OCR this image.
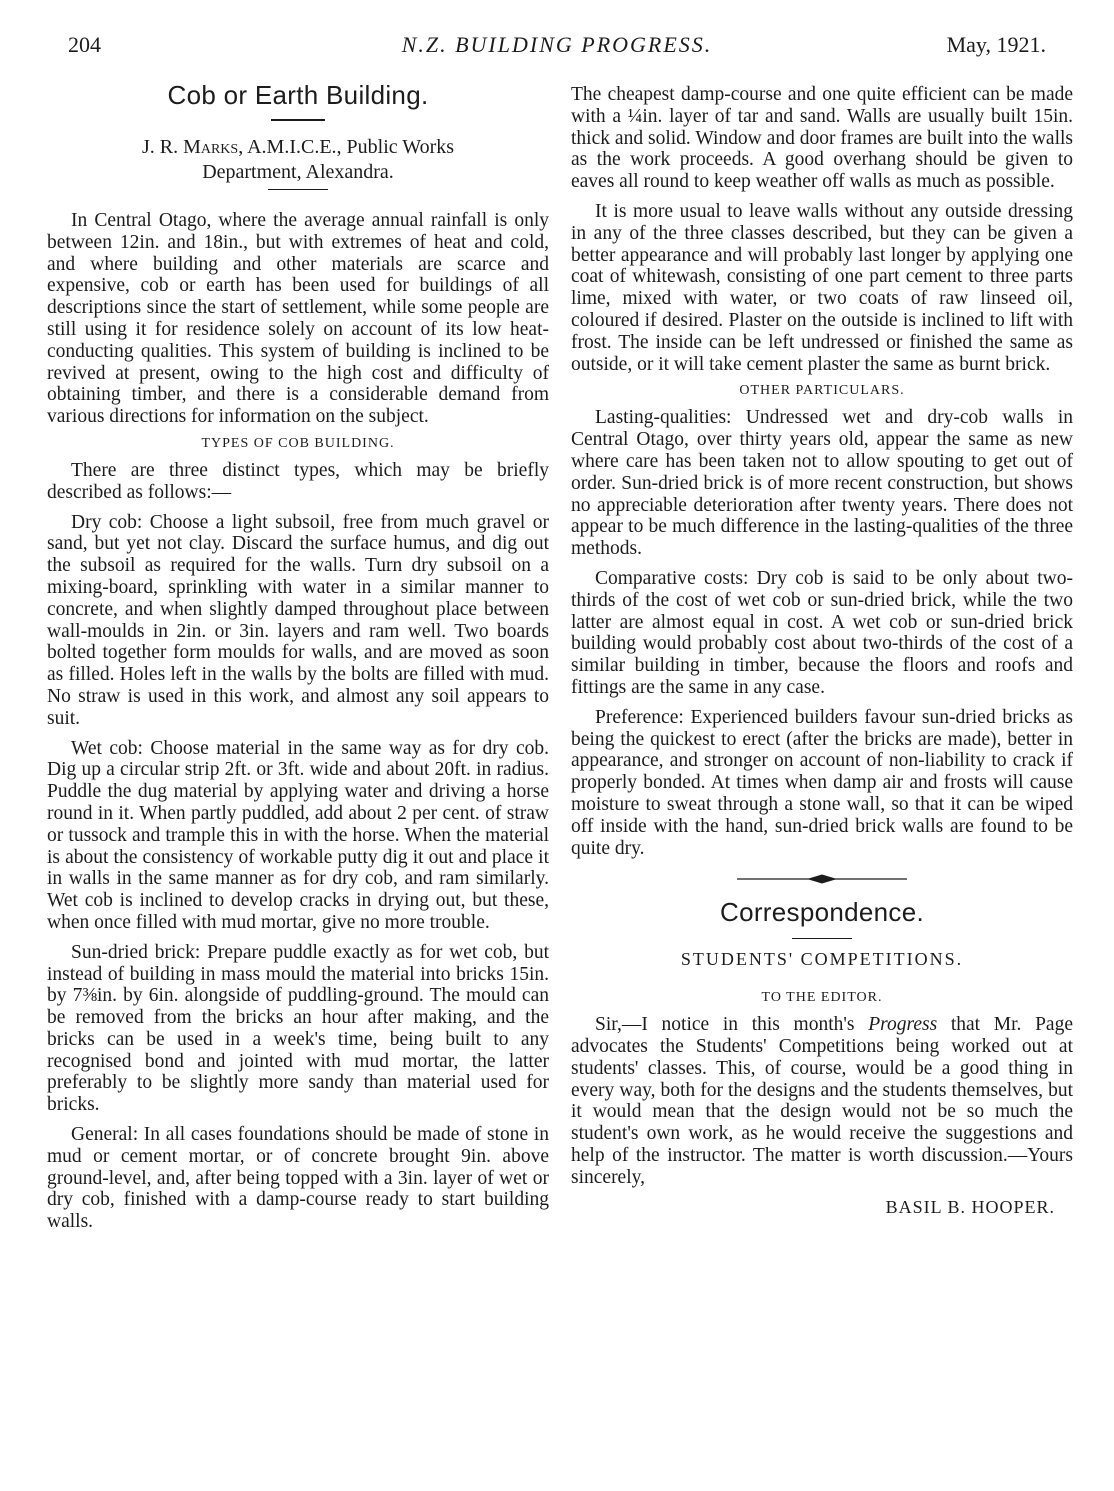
204	N.Z. BUILDING PROGRESS.	May, 1921.
Cob or Earth Building.
J. R. Marks, A.M.I.C.E., Public Works
Department, Alexandra.

In Central Otago, where the average annual rainfall is only between 12in. and 18in., but with extremes of heat and cold, and where building and other materials are scarce and expensive, cob or earth has been used for buildings of all descriptions since the start of settlement, while some people are still using it for residence solely on account of its low heat-conducting qualities. This system of building is inclined to be revived at present, owing to the high cost and difficulty of obtaining timber, and there is a considerable demand from various directions for information on the subject.

TYPES OF COB BUILDING.

There are three distinct types, which may be briefly described as follows:—

Dry cob: Choose a light subsoil, free from much gravel or sand, but yet not clay. Discard the surface humus, and dig out the subsoil as required for the walls. Turn dry subsoil on a mixing-board, sprinkling with water in a similar manner to concrete, and when slightly damped throughout place between wall-moulds in 2in. or 3in. layers and ram well. Two boards bolted together form moulds for walls, and are moved as soon as filled. Holes left in the walls by the bolts are filled with mud. No straw is used in this work, and almost any soil appears to suit.

Wet cob: Choose material in the same way as for dry cob. Dig up a circular strip 2ft. or 3ft. wide and about 20ft. in radius. Puddle the dug material by applying water and driving a horse round in it. When partly puddled, add about 2 per cent. of straw or tussock and trample this in with the horse. When the material is about the consistency of workable putty dig it out and place it in walls in the same manner as for dry cob, and ram similarly. Wet cob is inclined to develop cracks in drying out, but these, when once filled with mud mortar, give no more trouble.

Sun-dried brick: Prepare puddle exactly as for wet cob, but instead of building in mass mould the material into bricks 15in. by 7⅜in. by 6in. alongside of puddling-ground. The mould can be removed from the bricks an hour after making, and the bricks can be used in a week's time, being built to any recognised bond and jointed with mud mortar, the latter preferably to be slightly more sandy than material used for bricks.

General: In all cases foundations should be made of stone in mud or cement mortar, or of concrete brought 9in. above ground-level, and, after being topped with a 3in. layer of wet or dry cob, finished with a damp-course ready to start building walls.

The cheapest damp-course and one quite efficient can be made with a ¼in. layer of tar and sand. Walls are usually built 15in. thick and solid. Window and door frames are built into the walls as the work proceeds. A good overhang should be given to eaves all round to keep weather off walls as much as possible.

It is more usual to leave walls without any outside dressing in any of the three classes described, but they can be given a better appearance and will probably last longer by applying one coat of whitewash, consisting of one part cement to three parts lime, mixed with water, or two coats of raw linseed oil, coloured if desired. Plaster on the outside is inclined to lift with frost. The inside can be left undressed or finished the same as outside, or it will take cement plaster the same as burnt brick.

OTHER PARTICULARS.

Lasting-qualities: Undressed wet and dry-cob walls in Central Otago, over thirty years old, appear the same as new where care has been taken not to allow spouting to get out of order. Sun-dried brick is of more recent construction, but shows no appreciable deterioration after twenty years. There does not appear to be much difference in the lasting-qualities of the three methods.

Comparative costs: Dry cob is said to be only about two-thirds of the cost of wet cob or sun-dried brick, while the two latter are almost equal in cost. A wet cob or sun-dried brick building would probably cost about two-thirds of the cost of a similar building in timber, because the floors and roofs and fittings are the same in any case.

Preference: Experienced builders favour sun-dried bricks as being the quickest to erect (after the bricks are made), better in appearance, and stronger on account of non-liability to crack if properly bonded. At times when damp air and frosts will cause moisture to sweat through a stone wall, so that it can be wiped off inside with the hand, sun-dried brick walls are found to be quite dry.

Correspondence.
STUDENTS' COMPETITIONS.
TO THE EDITOR.

Sir,—I notice in this month's Progress that Mr. Page advocates the Students' Competitions being worked out at students' classes. This, of course, would be a good thing in every way, both for the designs and the students themselves, but it would mean that the design would not be so much the student's own work, as he would receive the suggestions and help of the instructor. The matter is worth discussion.—Yours sincerely,

BASIL B. HOOPER.
